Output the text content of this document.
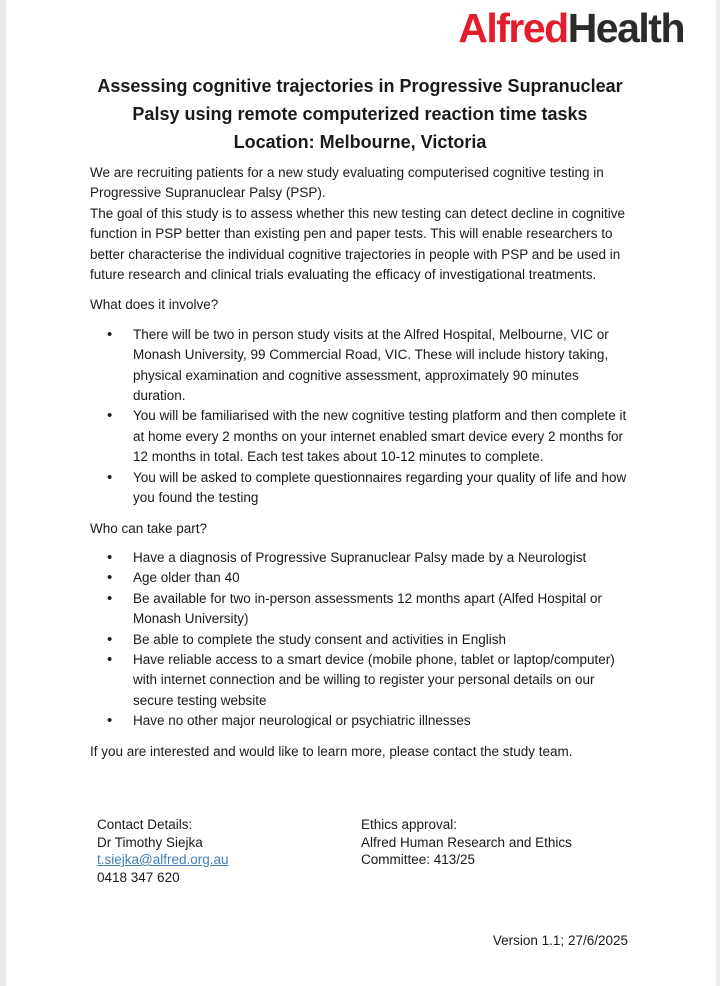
AlfredHealth
Assessing cognitive trajectories in Progressive Supranuclear
Palsy using remote computerized reaction time tasks
Location: Melbourne, Victoria

We are recruiting patients for a new study evaluating computerised cognitive testing in Progressive Supranuclear Palsy (PSP).

The goal of this study is to assess whether this new testing can detect decline in cognitive function in PSP better than existing pen and paper tests. This will enable researchers to better characterise the individual cognitive trajectories in people with PSP and be used in future research and clinical trials evaluating the efficacy of investigational treatments.

What does it involve?

• There will be two in person study visits at the Alfred Hospital, Melbourne, VIC or Monash University, 99 Commercial Road, VIC. These will include history taking, physical examination and cognitive assessment, approximately 90 minutes duration.
• You will be familiarised with the new cognitive testing platform and then complete it at home every 2 months on your internet enabled smart device every 2 months for 12 months in total. Each test takes about 10-12 minutes to complete.
• You will be asked to complete questionnaires regarding your quality of life and how you found the testing

Who can take part?

• Have a diagnosis of Progressive Supranuclear Palsy made by a Neurologist
• Age older than 40
• Be available for two in-person assessments 12 months apart (Alfed Hospital or Monash University)
• Be able to complete the study consent and activities in English
• Have reliable access to a smart device (mobile phone, tablet or laptop/computer) with internet connection and be willing to register your personal details on our secure testing website
• Have no other major neurological or psychiatric illnesses

If you are interested and would like to learn more, please contact the study team.

Contact Details:
Dr Timothy Siejka
t.siejka@alfred.org.au
0418 347 620
Ethics approval:
Alfred Human Research and Ethics
Committee: 413/25
Version 1.1; 27/6/2025
